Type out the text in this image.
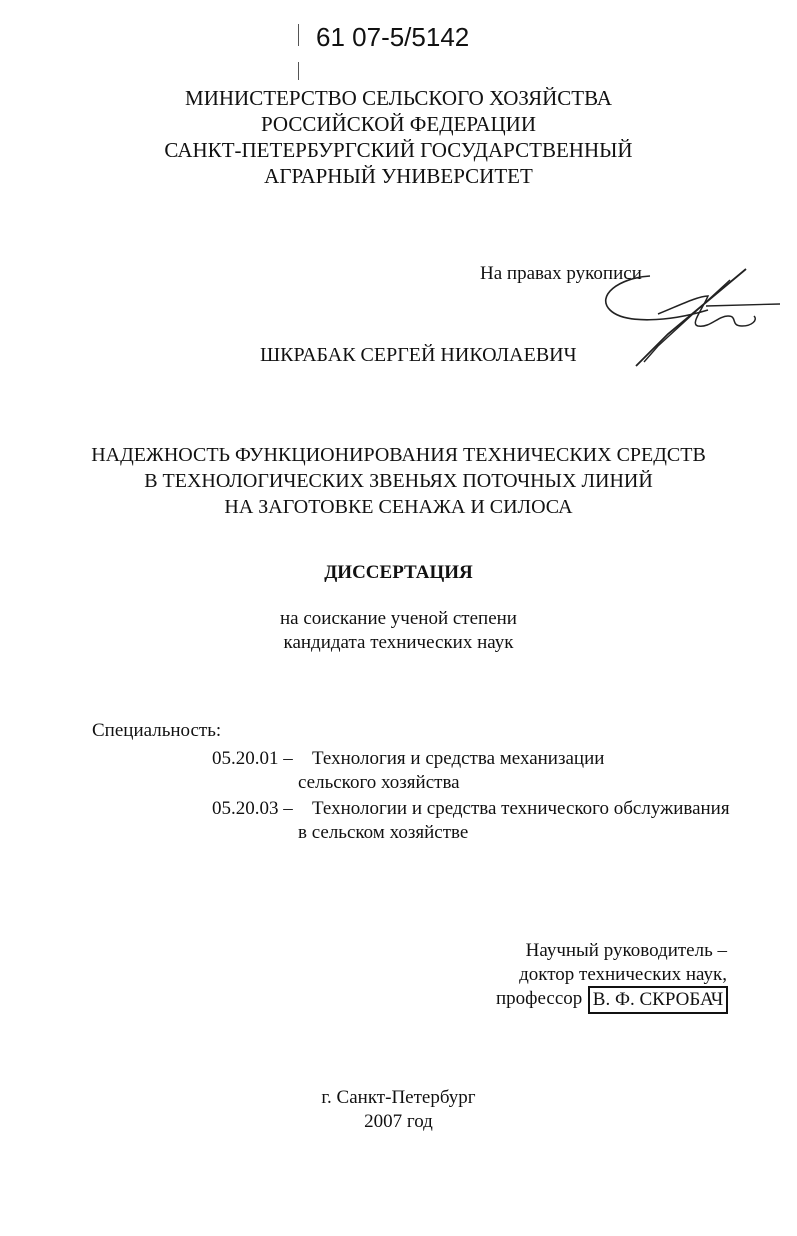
61 07-5/5142
МИНИСТЕРСТВО СЕЛЬСКОГО ХОЗЯЙСТВА
РОССИЙСКОЙ ФЕДЕРАЦИИ
САНКТ-ПЕТЕРБУРГСКИЙ ГОСУДАРСТВЕННЫЙ
АГРАРНЫЙ УНИВЕРСИТЕТ
На правах рукописи
ШКРАБАК СЕРГЕЙ НИКОЛАЕВИЧ
НАДЕЖНОСТЬ ФУНКЦИОНИРОВАНИЯ ТЕХНИЧЕСКИХ СРЕДСТВ
В ТЕХНОЛОГИЧЕСКИХ ЗВЕНЬЯХ ПОТОЧНЫХ ЛИНИЙ
НА ЗАГОТОВКЕ СЕНАЖА И СИЛОСА
ДИССЕРТАЦИЯ
на соискание ученой степени
кандидата технических наук
Специальность:
05.20.01 – Технология и средства механизации
сельского хозяйства
05.20.03 – Технологии и средства технического обслуживания
в сельском хозяйстве
Научный руководитель –
доктор технических наук,
профессор В. Ф. СКРОБАЧ
г. Санкт-Петербург
2007 год
